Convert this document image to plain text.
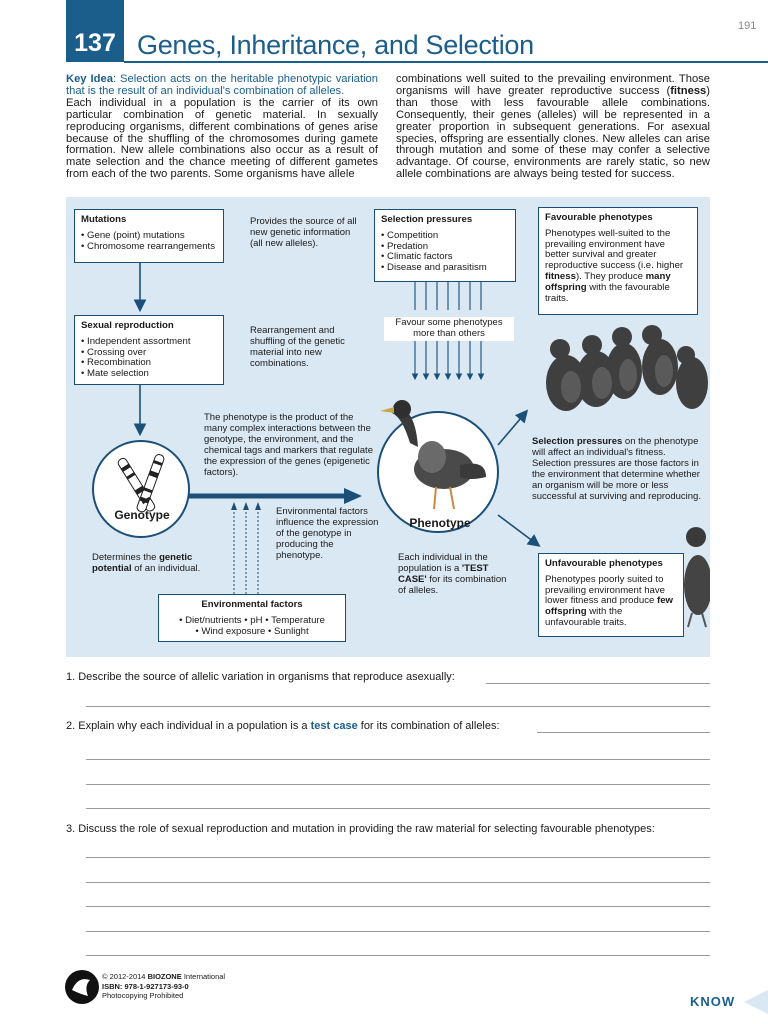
137 Genes, Inheritance, and Selection
191
Key Idea: Selection acts on the heritable phenotypic variation that is the result of an individual's combination of alleles.
Each individual in a population is the carrier of its own particular combination of genetic material. In sexually reproducing organisms, different combinations of genes arise because of the shuffling of the chromosomes during gamete formation. New allele combinations also occur as a result of mate selection and the chance meeting of different gametes from each of the two parents. Some organisms have allele
combinations well suited to the prevailing environment. Those organisms will have greater reproductive success (fitness) than those with less favourable allele combinations. Consequently, their genes (alleles) will be represented in a greater proportion in subsequent generations. For asexual species, offspring are essentially clones. New alleles can arise through mutation and some of these may confer a selective advantage. Of course, environments are rarely static, so new allele combinations are always being tested for success.
Mutations
• Gene (point) mutations
• Chromosome rearrangements
Provides the source of all new genetic information (all new alleles).
Selection pressures
• Competition
• Predation
• Climatic factors
• Disease and parasitism
Favour some phenotypes more than others
Favourable phenotypes
Phenotypes well-suited to the prevailing environment have better survival and greater reproductive success (i.e. higher fitness). They produce many offspring with the favourable traits.
Sexual reproduction
• Independent assortment
• Crossing over
• Recombination
• Mate selection
Rearrangement and shuffling of the genetic material into new combinations.
The phenotype is the product of the many complex interactions between the genotype, the environment, and the chemical tags and markers that regulate the expression of the genes (epigenetic factors).
Genotype
Phenotype
Environmental factors influence the expression of the genotype in producing the phenotype.
Determines the genetic potential of an individual.
Each individual in the population is a 'TEST CASE' for its combination of alleles.
Selection pressures on the phenotype will affect an individual's fitness. Selection pressures are those factors in the environment that determine whether an organism will be more or less successful at surviving and reproducing.
Unfavourable phenotypes
Phenotypes poorly suited to prevailing environment have lower fitness and produce few offspring with the unfavourable traits.
Environmental factors
• Diet/nutrients • pH • Temperature
• Wind exposure • Sunlight
1. Describe the source of allelic variation in organisms that reproduce asexually:
2. Explain why each individual in a population is a test case for its combination of alleles:
3. Discuss the role of sexual reproduction and mutation in providing the raw material for selecting favourable phenotypes:
© 2012-2014 BIOZONE International
ISBN: 978-1-927173-93-0
Photocopying Prohibited	KNOW
